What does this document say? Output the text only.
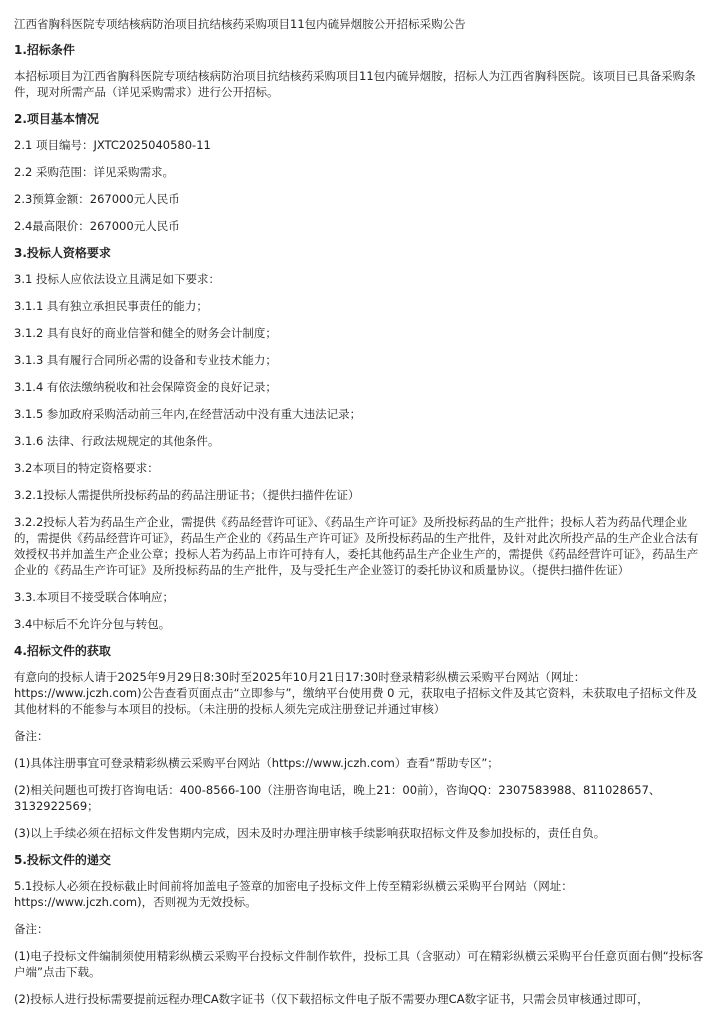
江西省胸科医院专项结核病防治项目抗结核药采购项目11包内硫异烟胺公开招标采购公告
1.招标条件
本招标项目为江西省胸科医院专项结核病防治项目抗结核药采购项目11包内硫异烟胺，招标人为江西省胸科医院。该项目已具备采购条件，现对所需产品（详见采购需求）进行公开招标。
2.项目基本情况
2.1 项目编号：JXTC2025040580-11
2.2 采购范围：详见采购需求。
2.3预算金额：267000元人民币
2.4最高限价：267000元人民币
3.投标人资格要求
3.1 投标人应依法设立且满足如下要求：
3.1.1 具有独立承担民事责任的能力；
3.1.2 具有良好的商业信誉和健全的财务会计制度；
3.1.3 具有履行合同所必需的设备和专业技术能力；
3.1.4 有依法缴纳税收和社会保障资金的良好记录；
3.1.5 参加政府采购活动前三年内,在经营活动中没有重大违法记录；
3.1.6 法律、行政法规规定的其他条件。
3.2本项目的特定资格要求：
3.2.1投标人需提供所投标药品的药品注册证书；（提供扫描件佐证）
3.2.2投标人若为药品生产企业，需提供《药品经营许可证》、《药品生产许可证》及所投标药品的生产批件；投标人若为药品代理企业的，需提供《药品经营许可证》，药品生产企业的《药品生产许可证》及所投标药品的生产批件，及针对此次所投产品的生产企业合法有效授权书并加盖生产企业公章；投标人若为药品上市许可持有人，委托其他药品生产企业生产的，需提供《药品经营许可证》，药品生产企业的《药品生产许可证》及所投标药品的生产批件，及与受托生产企业签订的委托协议和质量协议。（提供扫描件佐证）
3.3.本项目不接受联合体响应；
3.4中标后不允许分包与转包。
4.招标文件的获取
有意向的投标人请于2025年9月29日8:30时至2025年10月21日17:30时登录精彩纵横云采购平台网站（网址：https://www.jczh.com)公告查看页面点击“立即参与”，缴纳平台使用费 0 元，获取电子招标文件及其它资料，未获取电子招标文件及其他材料的不能参与本项目的投标。（未注册的投标人须先完成注册登记并通过审核）
备注：
(1)具体注册事宜可登录精彩纵横云采购平台网站（https://www.jczh.com）查看“帮助专区”；
(2)相关问题也可拨打咨询电话：400-8566-100（注册咨询电话，晚上21：00前），咨询QQ：2307583988、811028657、3132922569；
(3)以上手续必须在招标文件发售期内完成，因未及时办理注册审核手续影响获取招标文件及参加投标的，责任自负。
5.投标文件的递交
5.1投标人必须在投标截止时间前将加盖电子签章的加密电子投标文件上传至精彩纵横云采购平台网站（网址：https://www.jczh.com)，否则视为无效投标。
备注：
(1)电子投标文件编制须使用精彩纵横云采购平台投标文件制作软件，投标工具（含驱动）可在精彩纵横云采购平台任意页面右侧“投标客户端”点击下载。
(2)投标人进行投标需要提前远程办理CA数字证书（仅下载招标文件电子版不需要办理CA数字证书，只需会员审核通过即可，
